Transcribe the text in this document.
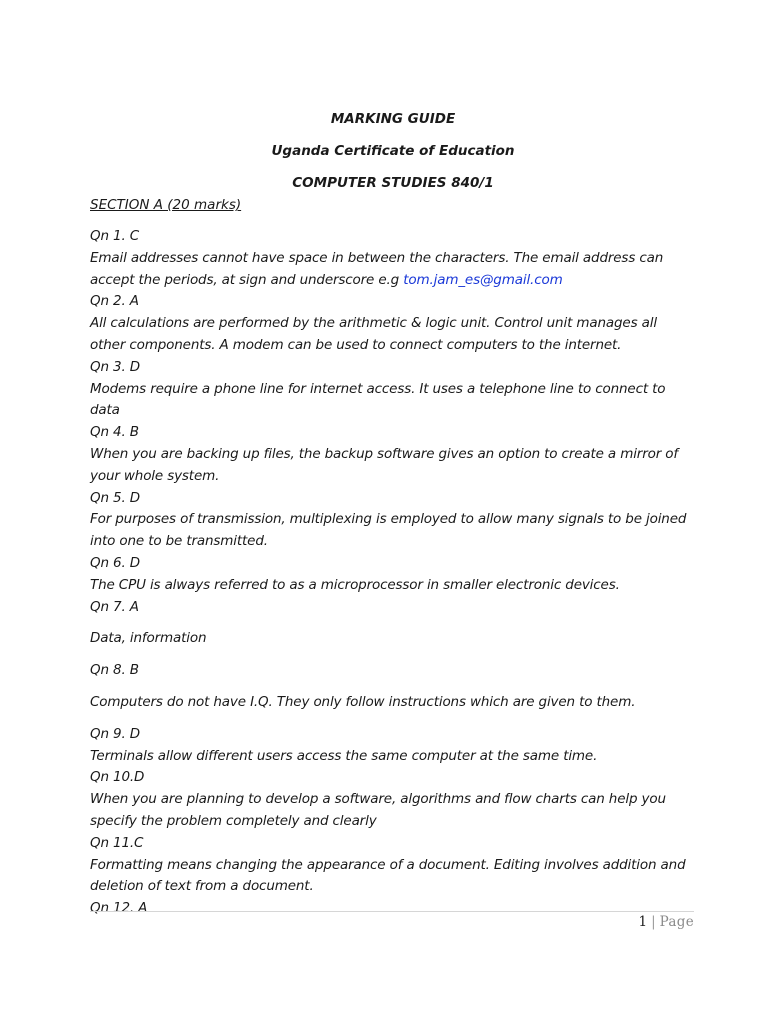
MARKING GUIDE

Uganda Certificate of Education

COMPUTER STUDIES 840/1

SECTION A (20 marks)

Qn 1. C

Email addresses cannot have space in between the characters. The email address can accept the periods, at sign and underscore e.g tom.jam_es@gmail.com

Qn 2. A

All calculations are performed by the arithmetic & logic unit. Control unit manages all other components. A modem can be used to connect computers to the internet.

Qn 3. D

Modems require a phone line for internet access. It uses a telephone line to connect to data

Qn 4. B

When you are backing up files, the backup software gives an option to create a mirror of your whole system.

Qn 5. D

For purposes of transmission, multiplexing is employed to allow many signals to be joined into one to be transmitted.

Qn 6. D

The CPU is always referred to as a microprocessor in smaller electronic devices.

Qn 7. A

Data, information

Qn 8. B

Computers do not have I.Q. They only follow instructions which are given to them.

Qn 9. D

Terminals allow different users access the same computer at the same time.

Qn 10.D

When you are planning to develop a software, algorithms and flow charts can help you specify the problem completely and clearly

Qn 11.C

Formatting means changing the appearance of a document. Editing involves addition and deletion of text from a document.

Qn 12. A

1 | Page
